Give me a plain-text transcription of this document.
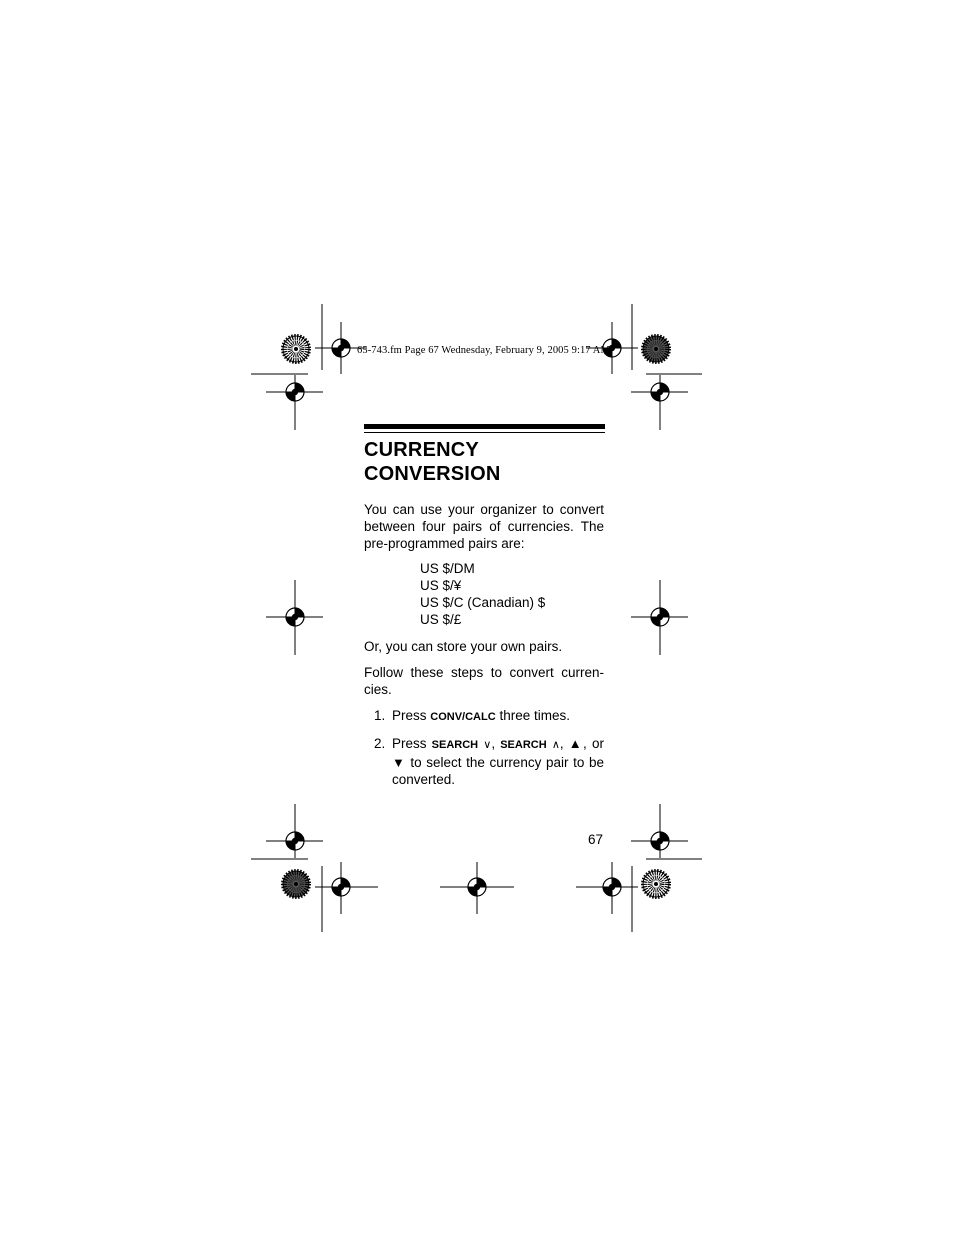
65-743.fm Page 67 Wednesday, February 9, 2005 9:17 AM
CURRENCY
CONVERSION
You can use your organizer to convert between four pairs of currencies. The pre-programmed pairs are:
US $/DM
US $/¥
US $/C (Canadian) $
US $/£
Or, you can store your own pairs.
Follow these steps to convert curren-cies.
1. Press CONV/CALC three times.
2. Press SEARCH ∨, SEARCH ∧, ▲, or ▼ to select the currency pair to be converted.
67
